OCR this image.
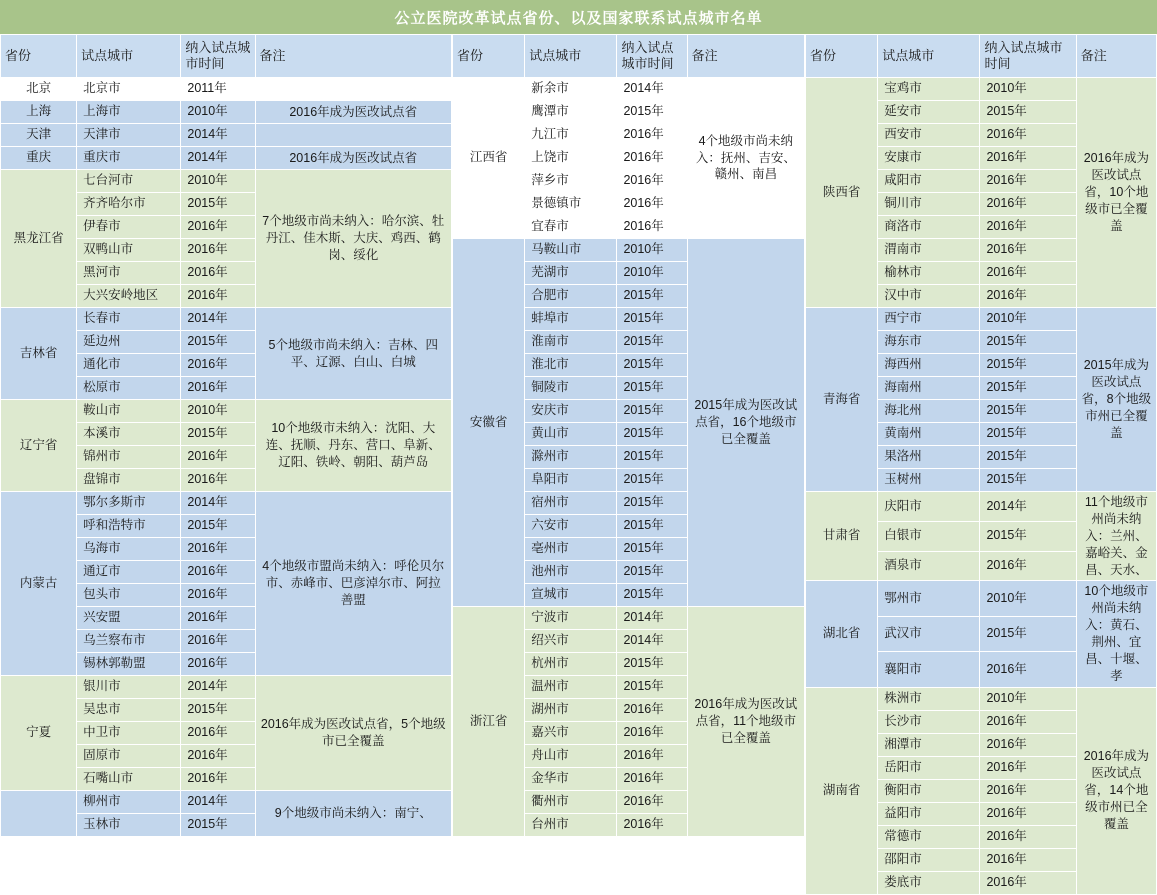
公立医院改革试点省份、以及国家联系试点城市名单
省份	试点城市	纳入试点城市时间	备注
北京	北京市	2011年	
上海	上海市	2010年	2016年成为医改试点省
天津	天津市	2014年	
重庆	重庆市	2014年	2016年成为医改试点省
黑龙江省	七台河市	2010年	7个地级市尚未纳入：哈尔滨、牡丹江、佳木斯、大庆、鸡西、鹤岗、绥化
	齐齐哈尔市	2015年	
	伊春市	2016年	
	双鸭山市	2016年	
	黑河市	2016年	
	大兴安岭地区	2016年	
吉林省	长春市	2014年	5个地级市尚未纳入：吉林、四平、辽源、白山、白城
	延边州	2015年	
	通化市	2016年	
	松原市	2016年	
辽宁省	鞍山市	2010年	10个地级市未纳入：沈阳、大连、抚顺、丹东、营口、阜新、辽阳、铁岭、朝阳、葫芦岛
	本溪市	2015年	
	锦州市	2016年	
	盘锦市	2016年	
内蒙古	鄂尔多斯市	2014年	4个地级市盟尚未纳入：呼伦贝尔市、赤峰市、巴彦淖尔市、阿拉善盟
	呼和浩特市	2015年	
	乌海市	2016年	
	通辽市	2016年	
	包头市	2016年	
	兴安盟	2016年	
	乌兰察布市	2016年	
	锡林郭勒盟	2016年	
宁夏	银川市	2014年	2016年成为医改试点省，5个地级市已全覆盖
	吴忠市	2015年	
	中卫市	2016年	
	固原市	2016年	
	石嘴山市	2016年	
	柳州市	2014年	9个地级市尚未纳入：南宁、
	玉林市	2015年	
省份	试点城市	纳入试点城市时间	备注
江西省	新余市	2014年	4个地级市尚未纳入：抚州、吉安、赣州、南昌
	鹰潭市	2015年	
	九江市	2016年	
	上饶市	2016年	
	萍乡市	2016年	
	景德镇市	2016年	
	宜春市	2016年	
安徽省	马鞍山市	2010年	2015年成为医改试点省，16个地级市已全覆盖
	芜湖市	2010年	
	合肥市	2015年	
	蚌埠市	2015年	
	淮南市	2015年	
	淮北市	2015年	
	铜陵市	2015年	
	安庆市	2015年	
	黄山市	2015年	
	滁州市	2015年	
	阜阳市	2015年	
	宿州市	2015年	
	六安市	2015年	
	亳州市	2015年	
	池州市	2015年	
	宣城市	2015年	
浙江省	宁波市	2014年	2016年成为医改试点省，11个地级市已全覆盖
	绍兴市	2014年	
	杭州市	2015年	
	温州市	2015年	
	湖州市	2016年	
	嘉兴市	2016年	
	舟山市	2016年	
	金华市	2016年	
	衢州市	2016年	
	台州市	2016年	
省份	试点城市	纳入试点城市时间	备注
陕西省	宝鸡市	2010年	2016年成为医改试点省，10个地级市已全覆盖
	延安市	2015年	
	西安市	2016年	
	安康市	2016年	
	咸阳市	2016年	
	铜川市	2016年	
	商洛市	2016年	
	渭南市	2016年	
	榆林市	2016年	
	汉中市	2016年	
青海省	西宁市	2010年	2015年成为医改试点省，8个地级市州已全覆盖
	海东市	2015年	
	海西州	2015年	
	海南州	2015年	
	海北州	2015年	
	黄南州	2015年	
	果洛州	2015年	
	玉树州	2015年	
甘肃省	庆阳市	2014年	11个地级市州尚未纳入：兰州、嘉峪关、金昌、天水、
	白银市	2015年	
	酒泉市	2016年	
湖北省	鄂州市	2010年	10个地级市州尚未纳入：黄石、荆州、宜昌、十堰、孝
	武汉市	2015年	
	襄阳市	2016年	
湖南省	株洲市	2010年	2016年成为医改试点省，14个地级市州已全覆盖
	长沙市	2016年	
	湘潭市	2016年	
	岳阳市	2016年	
	衡阳市	2016年	
	益阳市	2016年	
	常德市	2016年	
	邵阳市	2016年	
	娄底市	2016年	
